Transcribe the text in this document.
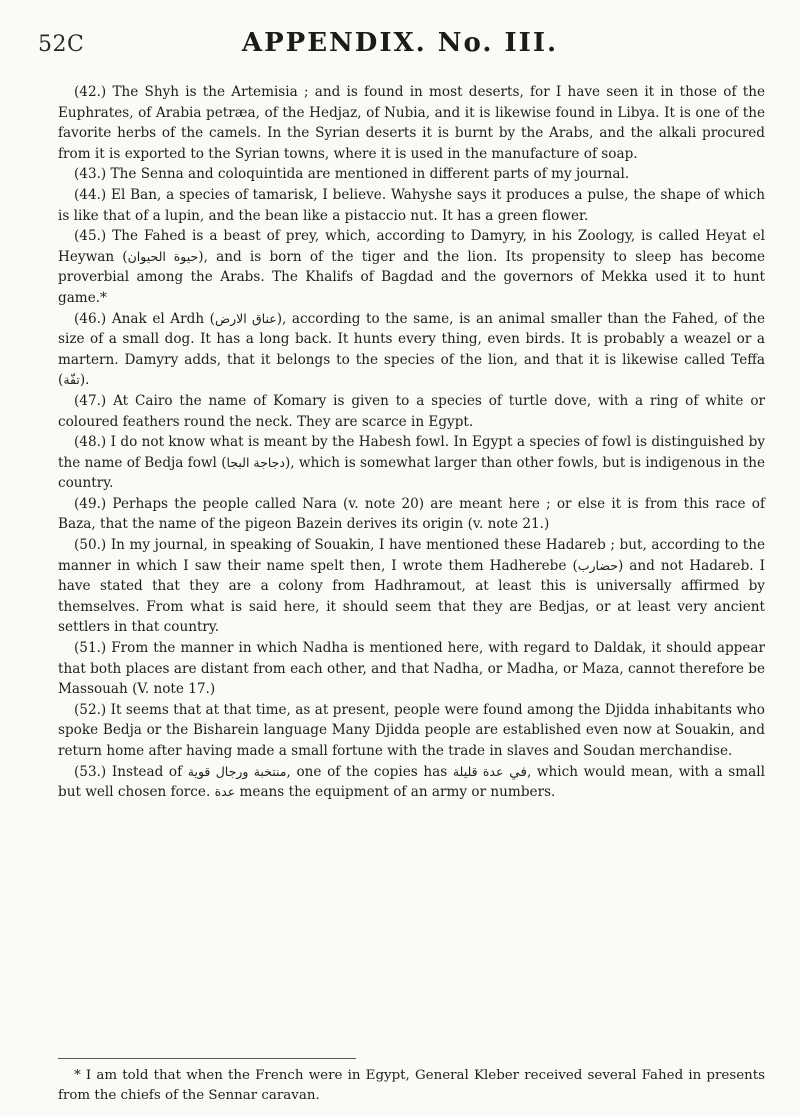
52C	APPENDIX. No. III.

(42.) The Shyh is the Artemisia ; and is found in most deserts, for I have seen it in those of the Euphrates, of Arabia petræa, of the Hedjaz, of Nubia, and it is likewise found in Libya. It is one of the favorite herbs of the camels. In the Syrian deserts it is burnt by the Arabs, and the alkali procured from it is exported to the Syrian towns, where it is used in the manufacture of soap.

(43.) The Senna and coloquintida are mentioned in different parts of my journal.

(44.) El Ban, a species of tamarisk, I believe. Wahyshe says it produces a pulse, the shape of which is like that of a lupin, and the bean like a pistaccio nut. It has a green flower.

(45.) The Fahed is a beast of prey, which, according to Damyry, in his Zoology, is called Heyat el Heywan (حيوة الحيوان), and is born of the tiger and the lion. Its propensity to sleep has become proverbial among the Arabs. The Khalifs of Bagdad and the governors of Mekka used it to hunt game.*

(46.) Anak el Ardh (عناق الارض), according to the same, is an animal smaller than the Fahed, of the size of a small dog. It has a long back. It hunts every thing, even birds. It is probably a weazel or a martern. Damyry adds, that it belongs to the species of the lion, and that it is likewise called Teffa (تفّة).

(47.) At Cairo the name of Komary is given to a species of turtle dove, with a ring of white or coloured feathers round the neck. They are scarce in Egypt.

(48.) I do not know what is meant by the Habesh fowl. In Egypt a species of fowl is distinguished by the name of Bedja fowl (دجاجة البجا), which is somewhat larger than other fowls, but is indigenous in the country.

(49.) Perhaps the people called Nara (v. note 20) are meant here ; or else it is from this race of Baza, that the name of the pigeon Bazein derives its origin (v. note 21.)

(50.) In my journal, in speaking of Souakin, I have mentioned these Hadareb ; but, according to the manner in which I saw their name spelt then, I wrote them Hadherebe (حضارب) and not Hadareb. I have stated that they are a colony from Hadhramout, at least this is universally affirmed by themselves. From what is said here, it should seem that they are Bedjas, or at least very ancient settlers in that country.

(51.) From the manner in which Nadha is mentioned here, with regard to Daldak, it should appear that both places are distant from each other, and that Nadha, or Madha, or Maza, cannot therefore be Massouah (V. note 17.)

(52.) It seems that at that time, as at present, people were found among the Djidda inhabitants who spoke Bedja or the Bisharein language Many Djidda people are established even now at Souakin, and return home after having made a small fortune with the trade in slaves and Soudan merchandise.

(53.) Instead of منتخبة ورجال قوية, one of the copies has عدة قليلة في, which would mean, with a small but well chosen force. عدة means the equipment of an army or numbers.

* I am told that when the French were in Egypt, General Kleber received several Fahed in presents from the chiefs of the Sennar caravan.
